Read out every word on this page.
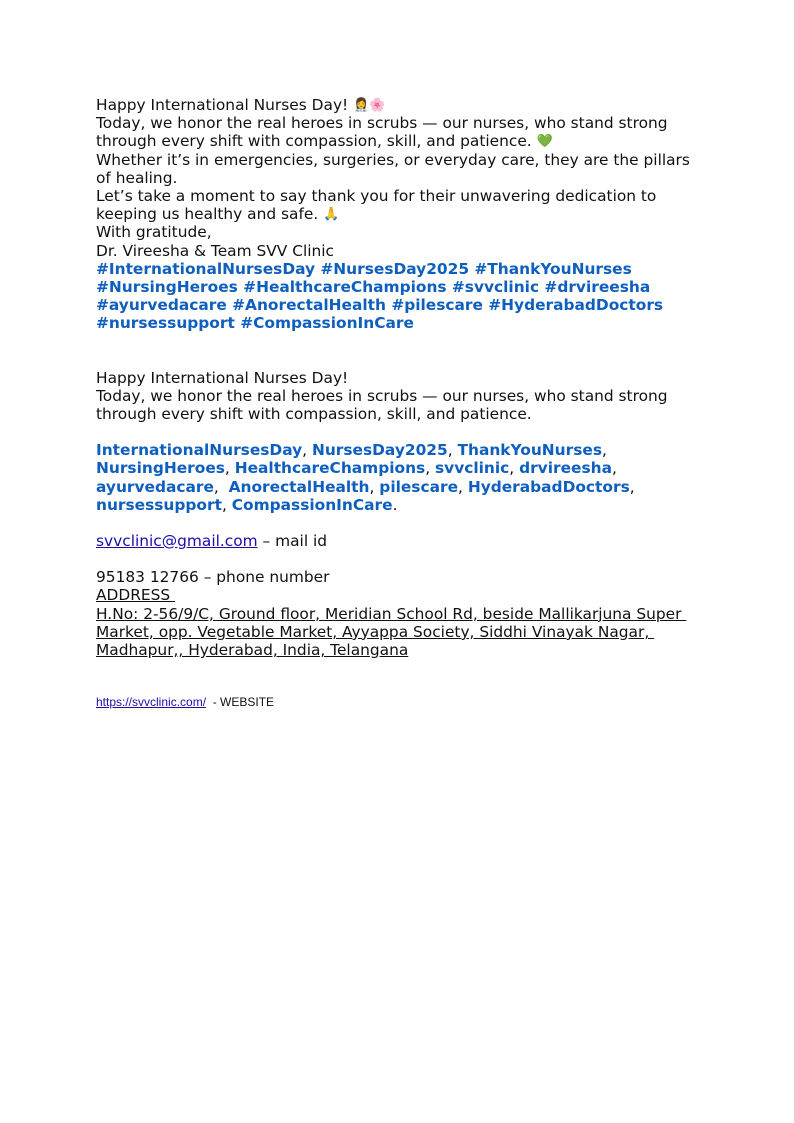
Happy International Nurses Day! 👩‍⚕️🌸
Today, we honor the real heroes in scrubs — our nurses, who stand strong
through every shift with compassion, skill, and patience. 💚
Whether it’s in emergencies, surgeries, or everyday care, they are the pillars
of healing.
Let’s take a moment to say thank you for their unwavering dedication to
keeping us healthy and safe. 🙏
With gratitude,
Dr. Vireesha & Team SVV Clinic
#InternationalNursesDay #NursesDay2025 #ThankYouNurses
#NursingHeroes #HealthcareChampions #svvclinic #drvireesha
#ayurvedacare #AnorectalHealth #pilescare #HyderabadDoctors
#nursessupport #CompassionInCare
Happy International Nurses Day!
Today, we honor the real heroes in scrubs — our nurses, who stand strong
through every shift with compassion, skill, and patience.
InternationalNursesDay, NursesDay2025, ThankYouNurses,
NursingHeroes, HealthcareChampions, svvclinic, drvireesha,
ayurvedacare,  AnorectalHealth, pilescare, HyderabadDoctors,
nursessupport, CompassionInCare.
svvclinic@gmail.com – mail id
95183 12766 – phone number
ADDRESS
H.No: 2-56/9/C, Ground floor, Meridian School Rd, beside Mallikarjuna Super
Market, opp. Vegetable Market, Ayyappa Society, Siddhi Vinayak Nagar,
Madhapur,, Hyderabad, India, Telangana
https://svvclinic.com/  - WEBSITE
